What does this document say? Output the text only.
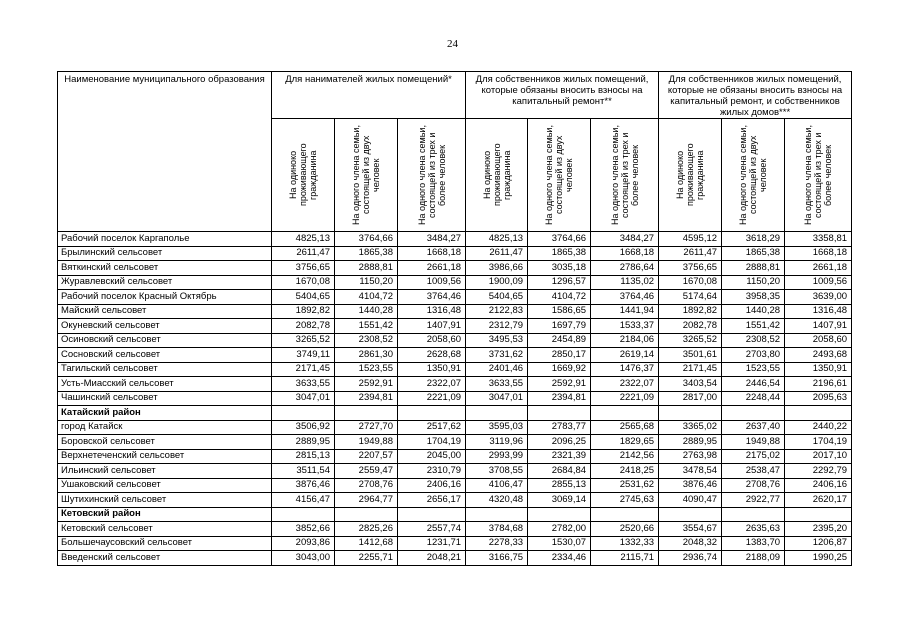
24
Наименование муниципального образования	Для нанимателей жилых помещений*			Для собственников жилых помещений, которые обязаны вносить взносы на капитальный ремонт**			Для собственников жилых помещений, которые не обязаны вносить взносы на капитальный ремонт, и собственников жилых домов***		

	На одиноко проживающего гражданина	На одного члена семьи, состоящей из двух человек	На одного члена семьи, состоящей из трех и более человек	На одиноко проживающего гражданина	На одного члена семьи, состоящей из двух человек	На одного члена семьи, состоящей из трех и более человек	На одиноко проживающего гражданина	На одного члена семьи, состоящей из двух человек	На одного члена семьи, состоящей из трех и более человек

Рабочий поселок Каргаполье	4825,13	3764,66	3484,27	4825,13	3764,66	3484,27	4595,12	3618,29	3358,81
Брылинский сельсовет	2611,47	1865,38	1668,18	2611,47	1865,38	1668,18	2611,47	1865,38	1668,18
Вяткинский сельсовет	3756,65	2888,81	2661,18	3986,66	3035,18	2786,64	3756,65	2888,81	2661,18
Журавлевский сельсовет	1670,08	1150,20	1009,56	1900,09	1296,57	1135,02	1670,08	1150,20	1009,56
Рабочий поселок Красный Октябрь	5404,65	4104,72	3764,46	5404,65	4104,72	3764,46	5174,64	3958,35	3639,00
Майский сельсовет	1892,82	1440,28	1316,48	2122,83	1586,65	1441,94	1892,82	1440,28	1316,48
Окуневский сельсовет	2082,78	1551,42	1407,91	2312,79	1697,79	1533,37	2082,78	1551,42	1407,91
Осиновский сельсовет	3265,52	2308,52	2058,60	3495,53	2454,89	2184,06	3265,52	2308,52	2058,60
Сосновский сельсовет	3749,11	2861,30	2628,68	3731,62	2850,17	2619,14	3501,61	2703,80	2493,68
Тагильский сельсовет	2171,45	1523,55	1350,91	2401,46	1669,92	1476,37	2171,45	1523,55	1350,91
Усть-Миасский сельсовет	3633,55	2592,91	2322,07	3633,55	2592,91	2322,07	3403,54	2446,54	2196,61
Чашинский сельсовет	3047,01	2394,81	2221,09	3047,01	2394,81	2221,09	2817,00	2248,44	2095,63
Катайский район									
город Катайск	3506,92	2727,70	2517,62	3595,03	2783,77	2565,68	3365,02	2637,40	2440,22
Боровской сельсовет	2889,95	1949,88	1704,19	3119,96	2096,25	1829,65	2889,95	1949,88	1704,19
Верхнетеченский сельсовет	2815,13	2207,57	2045,00	2993,99	2321,39	2142,56	2763,98	2175,02	2017,10
Ильинский сельсовет	3511,54	2559,47	2310,79	3708,55	2684,84	2418,25	3478,54	2538,47	2292,79
Ушаковский сельсовет	3876,46	2708,76	2406,16	4106,47	2855,13	2531,62	3876,46	2708,76	2406,16
Шутихинский сельсовет	4156,47	2964,77	2656,17	4320,48	3069,14	2745,63	4090,47	2922,77	2620,17
Кетовский район									
Кетовский сельсовет	3852,66	2825,26	2557,74	3784,68	2782,00	2520,66	3554,67	2635,63	2395,20
Большечаусовский сельсовет	2093,86	1412,68	1231,71	2278,33	1530,07	1332,33	2048,32	1383,70	1206,87
Введенский сельсовет	3043,00	2255,71	2048,21	3166,75	2334,46	2115,71	2936,74	2188,09	1990,25
